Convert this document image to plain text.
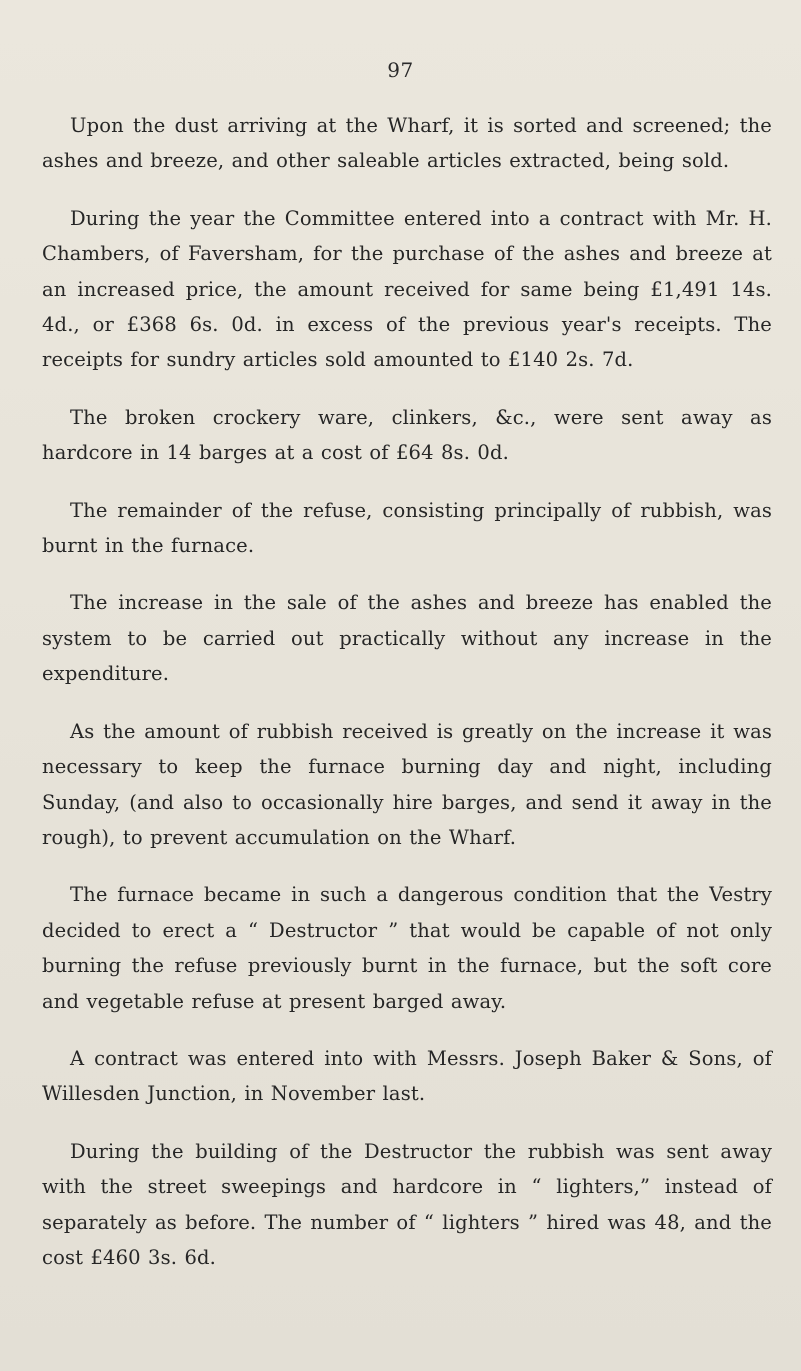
97

Upon the dust arriving at the Wharf, it is sorted and screened; the ashes and breeze, and other saleable articles extracted, being sold.

During the year the Committee entered into a contract with Mr. H. Chambers, of Faversham, for the purchase of the ashes and breeze at an increased price, the amount received for same being £1,491 14s. 4d., or £368 6s. 0d. in excess of the previous year's receipts. The receipts for sundry articles sold amounted to £140 2s. 7d.

The broken crockery ware, clinkers, &c., were sent away as hardcore in 14 barges at a cost of £64 8s. 0d.

The remainder of the refuse, consisting principally of rubbish, was burnt in the furnace.

The increase in the sale of the ashes and breeze has enabled the system to be carried out practically without any increase in the expenditure.

As the amount of rubbish received is greatly on the increase it was necessary to keep the furnace burning day and night, including Sunday, (and also to occasionally hire barges, and send it away in the rough), to prevent accumulation on the Wharf.

The furnace became in such a dangerous condition that the Vestry decided to erect a “ Destructor ” that would be capable of not only burning the refuse previously burnt in the furnace, but the soft core and vegetable refuse at present barged away.

A contract was entered into with Messrs. Joseph Baker & Sons, of Willesden Junction, in November last.

During the building of the Destructor the rubbish was sent away with the street sweepings and hardcore in “ lighters,” instead of separately as before. The number of “ lighters ” hired was 48, and the cost £460 3s. 6d.
